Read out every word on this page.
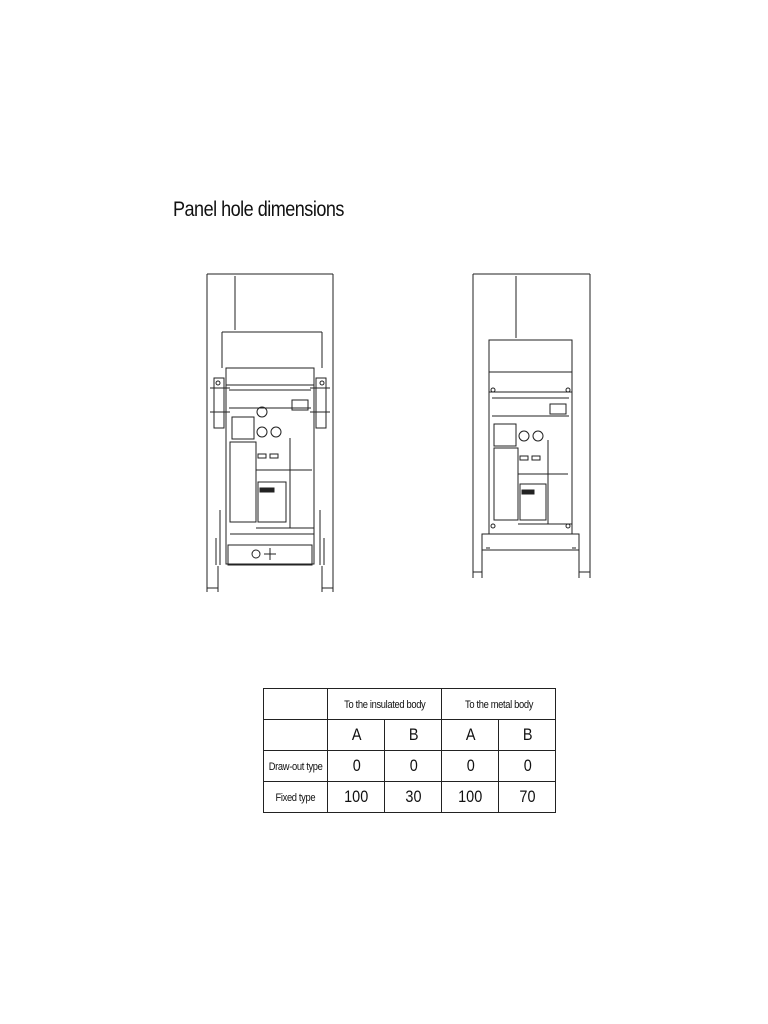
Panel hole dimensions
	To the insulated body		To the metal body	
	A	B	A	B
Draw-out type	0	0	0	0
Fixed type	100	30	100	70
